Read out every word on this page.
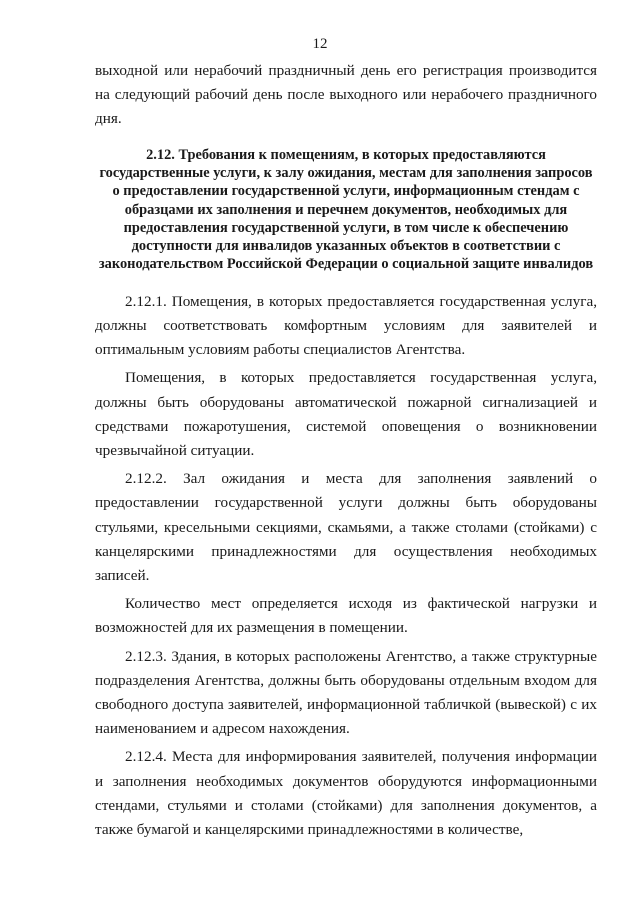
12

выходной или нерабочий праздничный день его регистрация производится на следующий рабочий день после выходного или нерабочего праздничного дня.

2.12. Требования к помещениям, в которых предоставляются государственные услуги, к залу ожидания, местам для заполнения запросов о предоставлении государственной услуги, информационным стендам с образцами их заполнения и перечнем документов, необходимых для предоставления государственной услуги, в том числе к обеспечению доступности для инвалидов указанных объектов в соответствии с законодательством Российской Федерации о социальной защите инвалидов

2.12.1. Помещения, в которых предоставляется государственная услуга, должны соответствовать комфортным условиям для заявителей и оптимальным условиям работы специалистов Агентства.

Помещения, в которых предоставляется государственная услуга, должны быть оборудованы автоматической пожарной сигнализацией и средствами пожаротушения, системой оповещения о возникновении чрезвычайной ситуации.

2.12.2. Зал ожидания и места для заполнения заявлений о предоставлении государственной услуги должны быть оборудованы стульями, кресельными секциями, скамьями, а также столами (стойками) с канцелярскими принадлежностями для осуществления необходимых записей.

Количество мест определяется исходя из фактической нагрузки и возможностей для их размещения в помещении.

2.12.3. Здания, в которых расположены Агентство, а также структурные подразделения Агентства, должны быть оборудованы отдельным входом для свободного доступа заявителей, информационной табличкой (вывеской) с их наименованием и адресом нахождения.

2.12.4. Места для информирования заявителей, получения информации и заполнения необходимых документов оборудуются информационными стендами, стульями и столами (стойками) для заполнения документов, а также бумагой и канцелярскими принадлежностями в количестве,
